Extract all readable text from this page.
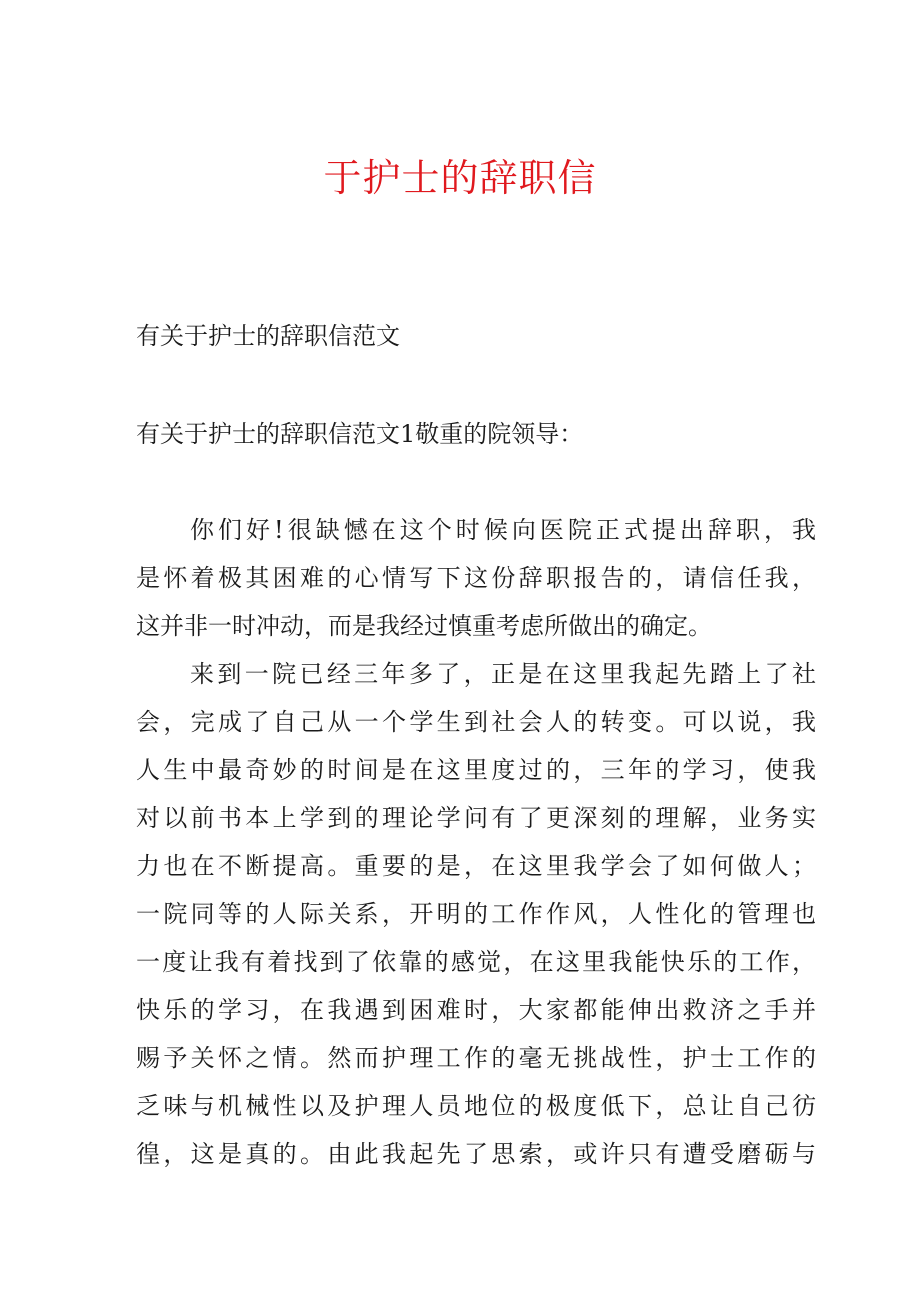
于护士的辞职信
有关于护士的辞职信范文
有关于护士的辞职信范文1敬重的院领导：
你们好!很缺憾在这个时候向医院正式提出辞职，我
是怀着极其困难的心情写下这份辞职报告的，请信任我，
这并非一时冲动，而是我经过慎重考虑所做出的确定。
来到一院已经三年多了，正是在这里我起先踏上了社
会，完成了自己从一个学生到社会人的转变。可以说，我
人生中最奇妙的时间是在这里度过的，三年的学习，使我
对以前书本上学到的理论学问有了更深刻的理解，业务实
力也在不断提高。重要的是，在这里我学会了如何做人；
一院同等的人际关系，开明的工作作风，人性化的管理也
一度让我有着找到了依靠的感觉，在这里我能快乐的工作，
快乐的学习，在我遇到困难时，大家都能伸出救济之手并
赐予关怀之情。然而护理工作的毫无挑战性，护士工作的
乏味与机械性以及护理人员地位的极度低下，总让自己彷
徨，这是真的。由此我起先了思索，或许只有遭受磨砺与
